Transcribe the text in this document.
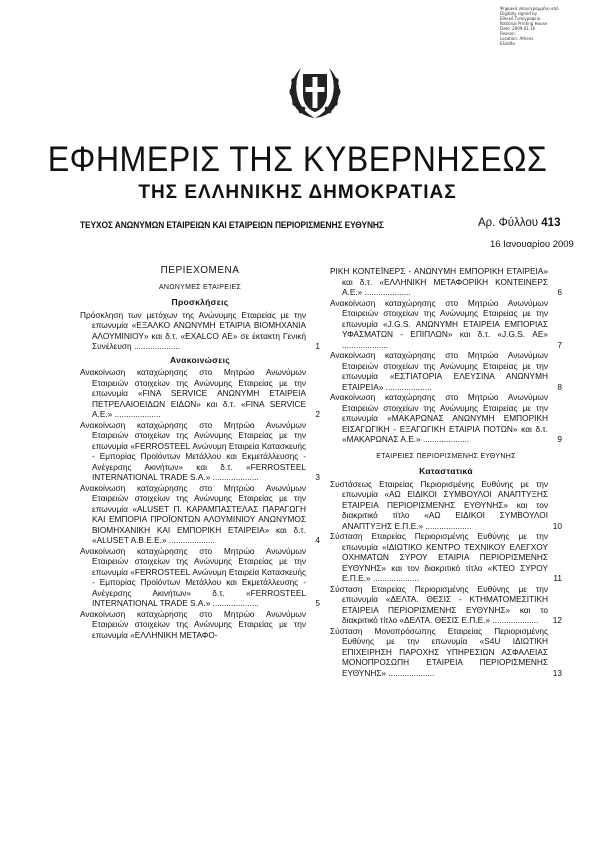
Ψηφιακά υπογεγραμμένο από
Digitally signed by
Εθνικό Τυπογραφείο
National Printing House
Date: 2009.01.16
Reason:
Location: Athens
Ελλάδα
ΕΦΗΜΕΡΙΣ ΤΗΣ ΚΥΒΕΡΝΗΣΕΩΣ
ΤΗΣ ΕΛΛΗΝΙΚΗΣ ΔΗΜΟΚΡΑΤΙΑΣ
ΤΕΥΧΟΣ ΑΝΩΝΥΜΩΝ ΕΤΑΙΡΕΙΩΝ ΚΑΙ ΕΤΑΙΡΕΙΩΝ ΠΕΡΙΟΡΙΣΜΕΝΗΣ ΕΥΘΥΝΗΣ	Αρ. Φύλλου 413
16 Ιανουαρίου 2009
ΠΕΡΙΕΧΟΜΕΝΑ
ΑΝΩΝΥΜΕΣ ΕΤΑΙΡΕΙΕΣ
Προσκλήσεις
Πρόσκληση των μετόχων της Ανώνυμης Εταιρείας με την επωνυμία «ΕΞΑΛΚΟ ΑΝΩΝΥΜΗ ΕΤΑΙΡΙΑ ΒΙΟΜΗΧΑΝΙΑ ΑΛΟΥΜΙΝΙΟΥ» και δ.τ. «EXALCO ΑΕ» σε έκτακτη Γενική Συνέλευση ....................	1
Ανακοινώσεις
Ανακοίνωση καταχώρησης στο Μητρώο Ανωνύμων Εταιρειών στοιχείων της Ανώνυμης Εταιρείας με την επωνυμία «FINA SERVICE ΑΝΩΝΥΜΗ ΕΤΑΙΡΕΙΑ ΠΕΤΡΕΛΑΙΟΕΙΔΩΝ ΕΙΔΩΝ» και δ.τ. «FINA SERVICE A.E.» ....................	2
Ανακοίνωση καταχώρησης στο Μητρώο Ανωνύμων Εταιρειών στοιχείων της Ανώνυμης Εταιρείας με την επωνυμία «FERROSTEEL Ανώνυμη Εταιρεία Κατασκευής - Εμπορίας Προϊόντων Μετάλλου και Εκμετάλλευσης - Ανέγερσης Ακινήτων» και δ.τ. «FERROSTEEL INTERNATIONAL TRADE S.A.» ....................	3
Ανακοίνωση καταχώρησης στο Μητρώο Ανωνύμων Εταιρειών στοιχείων της Ανώνυμης Εταιρείας με την επωνυμία «ALUSET Π. ΚΑΡΑΜΠΑΣΤΕΛΑΣ ΠΑΡΑΓΩΓΗ ΚΑΙ ΕΜΠΟΡΙΑ ΠΡΟΪΟΝΤΩΝ ΑΛΟΥΜΙΝΙΟΥ ΑΝΩΝΥΜΟΣ ΒΙΟΜΗΧΑΝΙΚΗ ΚΑΙ ΕΜΠΟΡΙΚΗ ΕΤΑΙΡΕΙΑ» και δ.τ. «ALUSET A.B.E.E.» ....................	4
Ανακοίνωση καταχώρησης στο Μητρώο Ανωνύμων Εταιρειών στοιχείων της Ανώνυμης Εταιρείας με την επωνυμία «FERROSTEEL Ανώνυμη Εταιρεία Κατασκευής - Εμπορίας Προϊόντων Μετάλλου και Εκμετάλλευσης - Ανέγερσης Ακινήτων» δ.τ. «FERROSTEEL INTERNATIONAL TRADE S.A.» ....................	5
Ανακοίνωση καταχώρησης στο Μητρώο Ανωνύμων Εταιρειών στοιχείων της Ανώνυμης Εταιρείας με την επωνυμία «ΕΛΛΗΝΙΚΗ ΜΕΤΑΦΟ-
ΡΙΚΗ ΚΟΝΤΕΪΝΕΡΣ - ΑΝΩΝΥΜΗ ΕΜΠΟΡΙΚΗ ΕΤΑΙΡΕΙΑ» και δ.τ. «ΕΛΛΗΝΙΚΗ ΜΕΤΑΦΟΡΙΚΗ ΚΟΝΤΕΙΝΕΡΣ Α.Ε.» ....................	6
Ανακοίνωση καταχώρησης στο Μητρώο Ανωνύμων Εταιρειών στοιχείων της Ανώνυμης Εταιρείας με την επωνυμία «J.G.S. ΑΝΩΝΥΜΗ ΕΤΑΙΡΕΙΑ ΕΜΠΟΡΙΑΣ ΥΦΑΣΜΑΤΩΝ - ΕΠΙΠΛΩΝ» και δ.τ. «J.G.S. ΑΕ» ....................	7
Ανακοίνωση καταχώρησης στο Μητρώο Ανωνύμων Εταιρειών στοιχείων της Ανώνυμης Εταιρείας με την επωνυμία «ΕΣΤΙΑΤΟΡΙΑ ΕΛΕΥΣΙΝΑ ΑΝΩΝΥΜΗ ΕΤΑΙΡΕΙΑ» ....................	8
Ανακοίνωση καταχώρησης στο Μητρώο Ανωνύμων Εταιρειών στοιχείων της Ανώνυμης Εταιρείας με την επωνυμία «ΜΑΚΑΡΩΝΑΣ ΑΝΩΝΥΜΗ ΕΜΠΟΡΙΚΗ ΕΙΣΑΓΩΓΙΚΗ - ΕΞΑΓΩΓΙΚΗ ΕΤΑΙΡΙΑ ΠΟΤΩΝ» και δ.τ. «ΜΑΚΑΡΩΝΑΣ Α.Ε.» ....................	9
ΕΤΑΙΡΕΙΕΣ ΠΕΡΙΟΡΙΣΜΕΝΗΣ ΕΥΘΥΝΗΣ
Καταστατικά
Συστάσεως Εταιρείας Περιορισμένης Ευθύνης με την επωνυμία «ΑΩ ΕΙΔΙΚΟΙ ΣΥΜΒΟΥΛΟΙ ΑΝΑΠΤΥΞΗΣ ΕΤΑΙΡΕΙΑ ΠΕΡΙΟΡΙΣΜΕΝΗΣ ΕΥΘΥΝΗΣ» και τον διακριτικό τίτλο «ΑΩ ΕΙΔΙΚΟΙ ΣΥΜΒΟΥΛΟΙ ΑΝΑΠΤΥΞΗΣ Ε.Π.Ε.» ....................	10
Σύσταση Εταιρείας Περιορισμένης Ευθύνης με την επωνυμία «ΙΔΙΩΤΙΚΟ ΚΕΝΤΡΟ ΤΕΧΝΙΚΟΥ ΕΛΕΓΧΟΥ ΟΧΗΜΑΤΩΝ ΣΥΡΟΥ ΕΤΑΙΡΙΑ ΠΕΡΙΟΡΙΣΜΕΝΗΣ ΕΥΘΥΝΗΣ» και τον διακριτικό τίτλο «ΚΤΕΟ ΣΥΡΟΥ Ε.Π.Ε.» ....................	11
Σύσταση Εταιρείας Περιορισμένης Ευθύνης με την επωνυμία «ΔΕΛΤΑ. ΘΕΣΙΣ - ΚΤΗΜΑΤΟΜΕΣΙΤΙΚΗ ΕΤΑΙΡΕΙΑ ΠΕΡΙΟΡΙΣΜΕΝΗΣ ΕΥΘΥΝΗΣ» και το διακριτικό τίτλο «ΔΕΛΤΑ. ΘΕΣΙΣ Ε.Π.Ε.» .................... 12
Σύσταση Μονοπρόσωπης Εταιρείας Περιορισμένης Ευθύνης με την επωνυμία «S4U ΙΔΙΩΤΙΚΗ ΕΠΙΧΕΙΡΗΣΗ ΠΑΡΟΧΗΣ ΥΠΗΡΕΣΙΩΝ ΑΣΦΑΛΕΙΑΣ ΜΟΝΟΠΡΟΣΩΠΗ ΕΤΑΙΡΕΙΑ ΠΕΡΙΟΡΙΣΜΕΝΗΣ ΕΥΘΥΝΗΣ» ....................	13
